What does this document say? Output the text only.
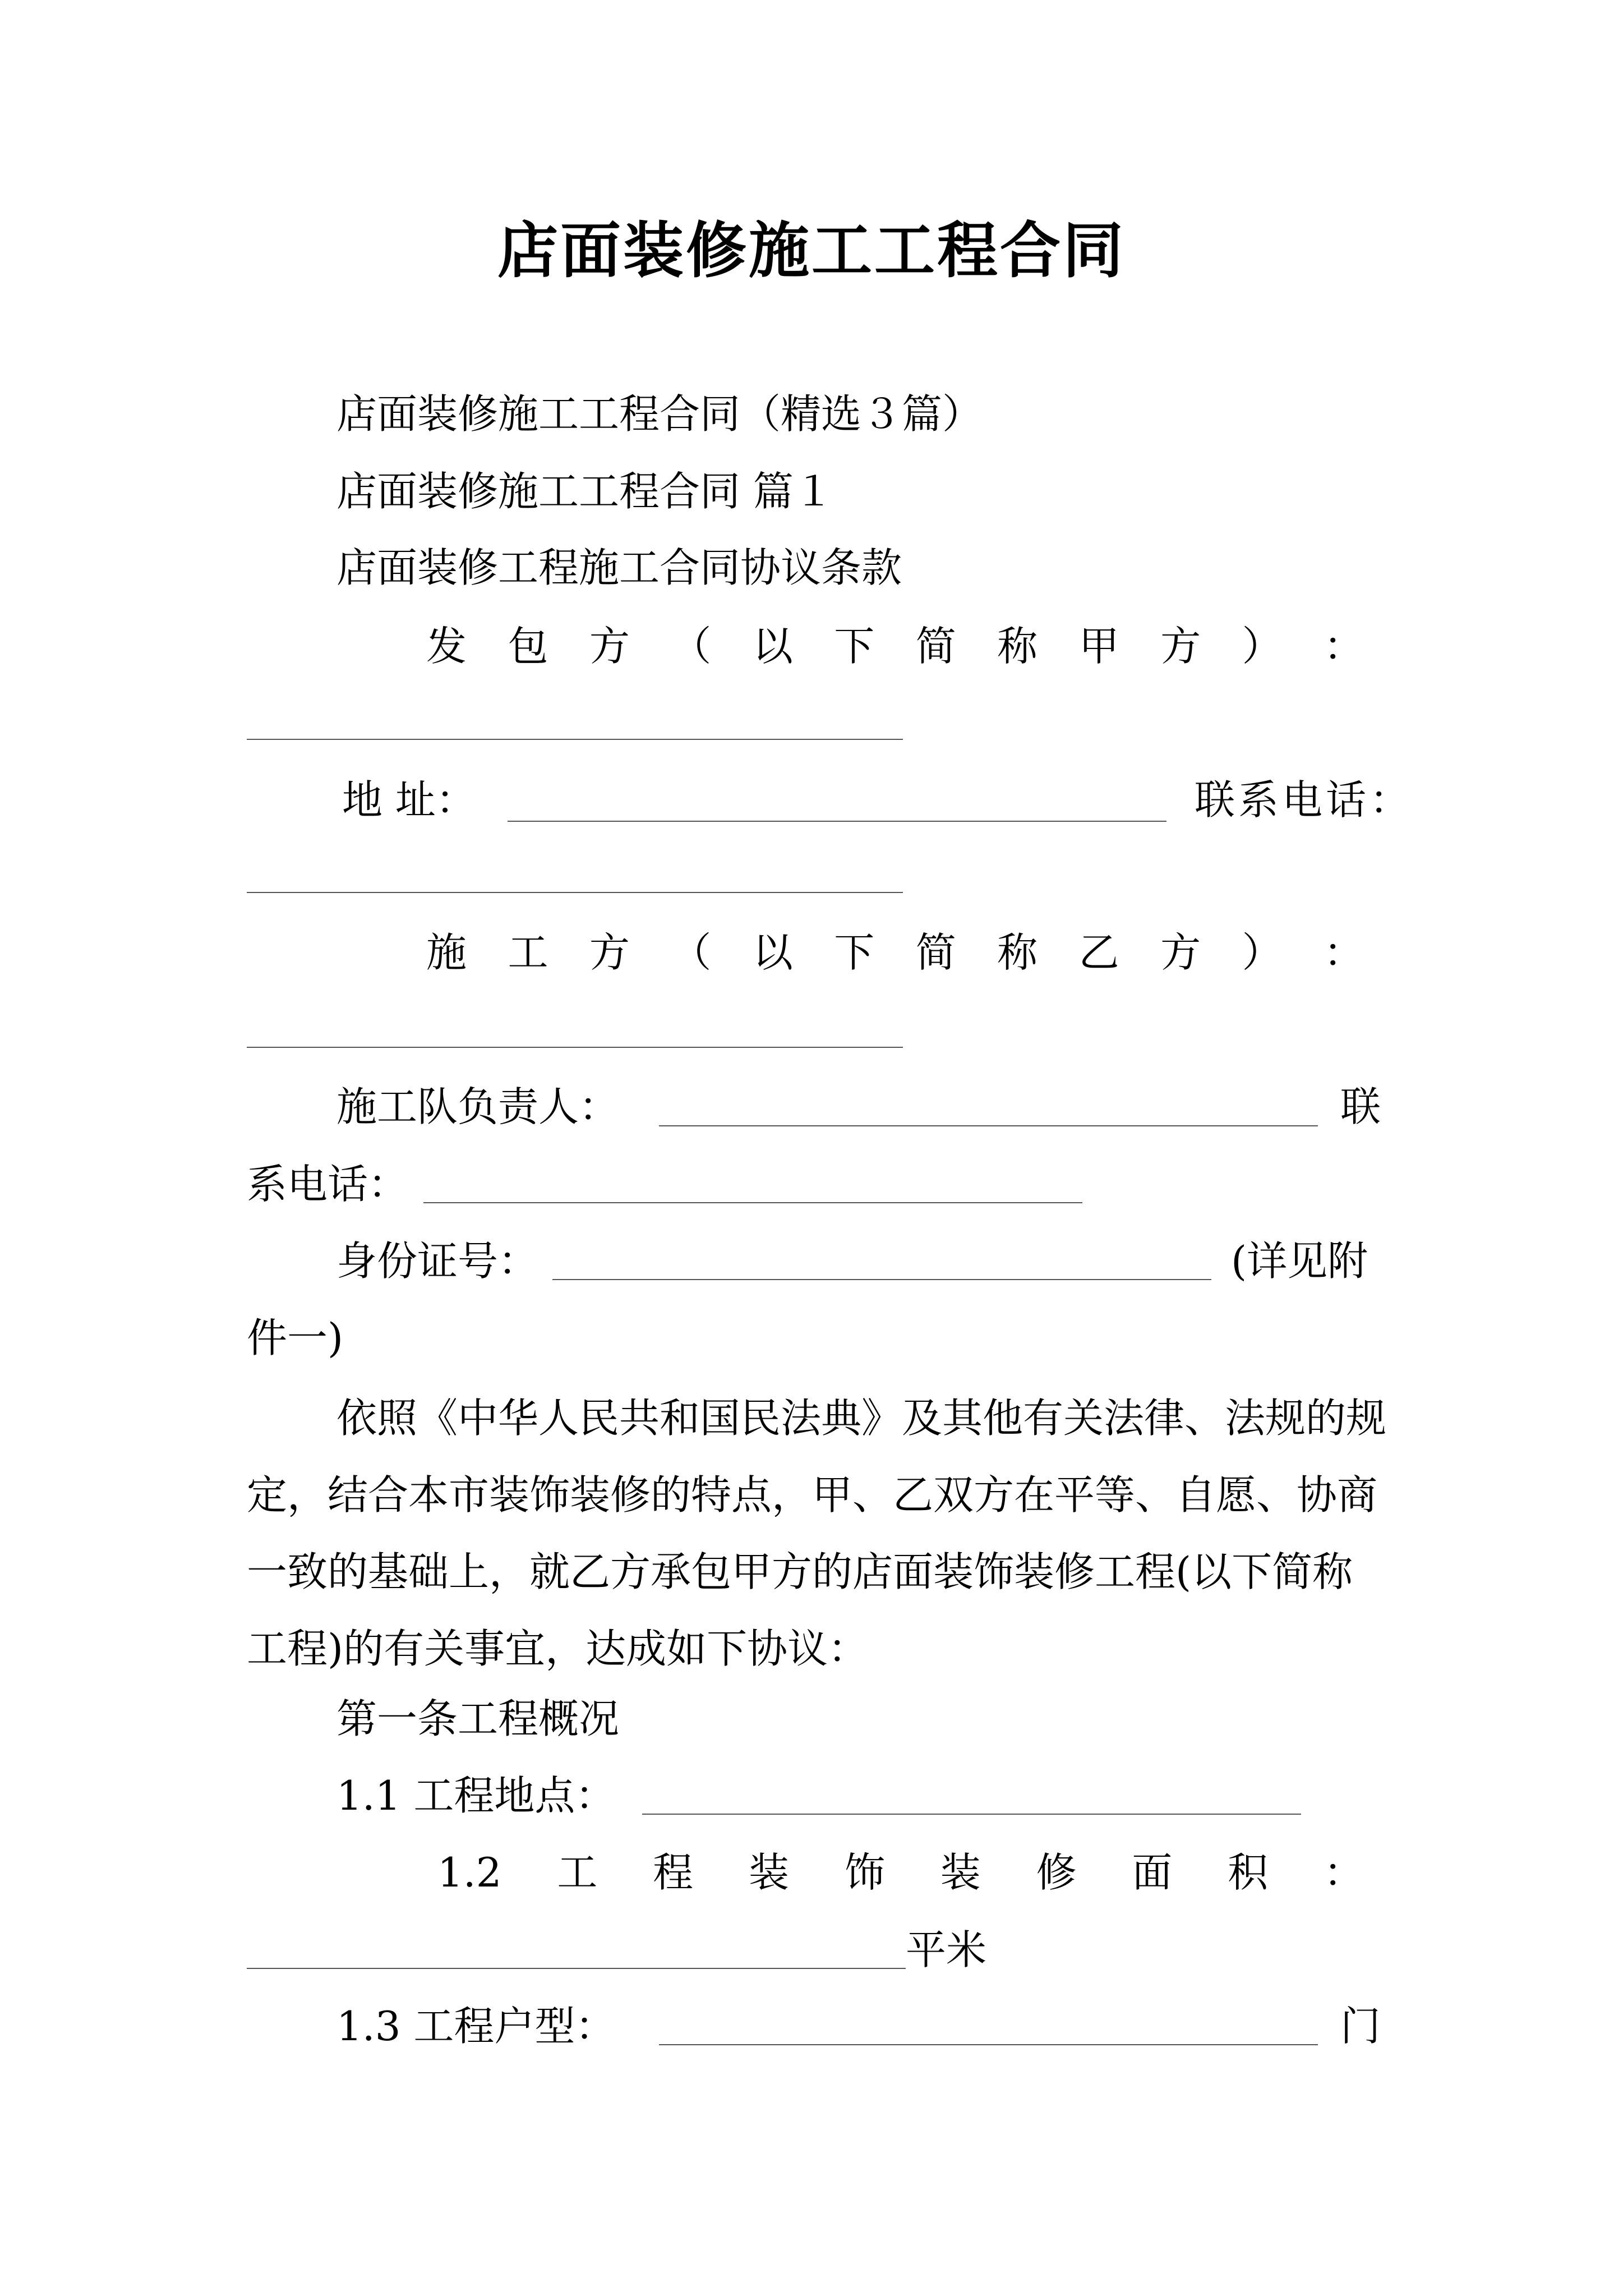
店面装修施工工程合同
店面装修施工工程合同（精选３篇）
店面装修施工工程合同 篇１
店面装修工程施工合同协议条款
发 包 方 （ 以 下 简 称 甲 方 ） ：
地 址：	联系电话：
施 工 方 （ 以 下 简 称 乙 方 ） ：
施工队负责人：	联
系电话：
身份证号：	(详见附
件一)
依照《中华人民共和国民法典》及其他有关法律、法规的规定，结合本市装饰装修的特点，甲、乙双方在平等、自愿、协商一致的基础上，就乙方承包甲方的店面装饰装修工程(以下简称工程)的有关事宜，达成如下协议：
第一条工程概况
1.1 工程地点：
1.2 工 程 装 饰 装 修 面 积 ：
平米
1.3 工程户型：	门
